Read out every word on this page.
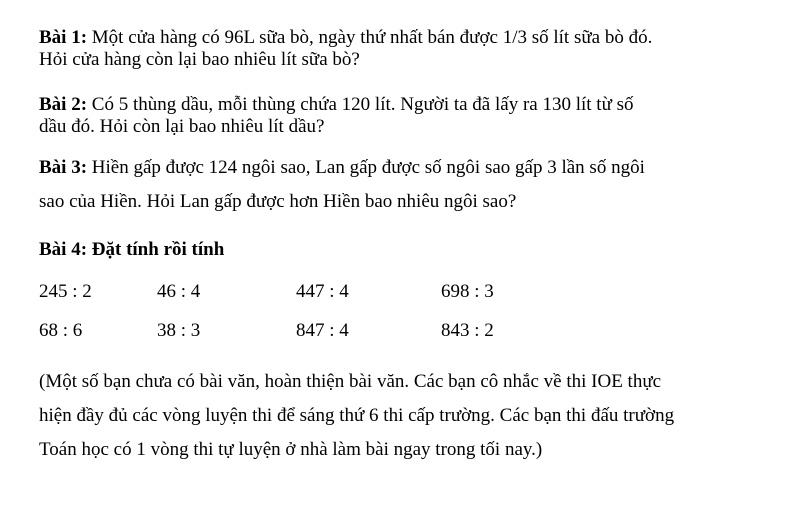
Bài 1: Một cửa hàng có 96L sữa bò, ngày thứ nhất bán được 1/3 số lít sữa bò đó.
Hỏi cửa hàng còn lại bao nhiêu lít sữa bò?
Bài 2: Có 5 thùng dầu, mỗi thùng chứa 120 lít. Người ta đã lấy ra 130 lít từ số
dầu đó. Hỏi còn lại bao nhiêu lít dầu?
Bài 3: Hiền gấp được 124 ngôi sao, Lan gấp được số ngôi sao gấp 3 lần số ngôi
sao của Hiền. Hỏi Lan gấp được hơn Hiền bao nhiêu ngôi sao?
Bài 4: Đặt tính rồi tính
245 : 2	46 : 4	447 : 4	698 : 3
68 : 6	38 : 3	847 : 4	843 : 2
(Một số bạn chưa có bài văn, hoàn thiện bài văn. Các bạn cô nhắc về thi IOE thực
hiện đầy đủ các vòng luyện thi để sáng thứ 6 thi cấp trường. Các bạn thi đấu trường
Toán học có 1 vòng thi tự luyện ở nhà làm bài ngay trong tối nay.)
